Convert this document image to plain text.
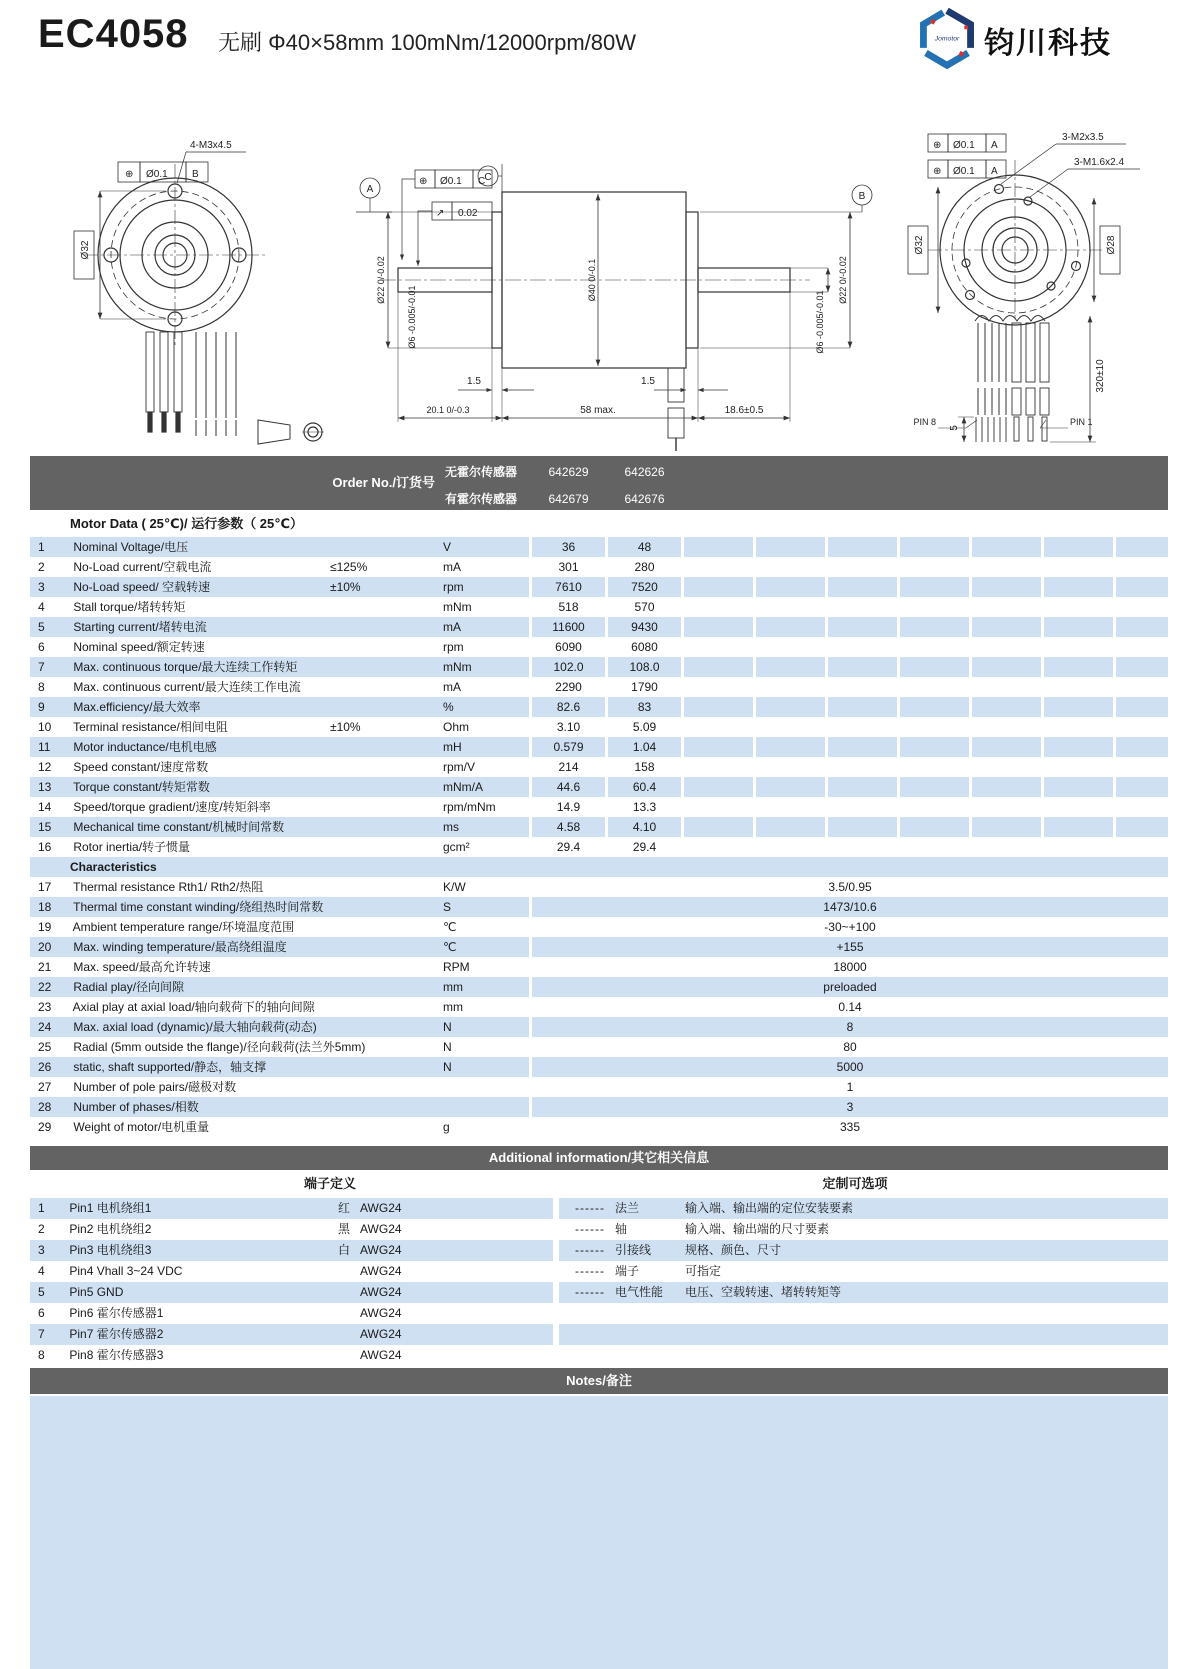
EC4058 无刷 Φ40×58mm 100mNm/12000rpm/80W	Jomotor 钧川科技
⊕ Ø0.1 B
4-M3x4.5
Ø32
A
B
C
⊕ Ø0.1 C
↗ 0.02
Ø40 0/-0.1
Ø22 0/-0.02
Ø6 -0.005/-0.01
Ø22 0/-0.02
Ø6 -0.005/-0.01
1.5	1.5
20.1 0/-0.3	58 max.	18.6±0.5
⊕ Ø0.1 A
⊕ Ø0.1 A
3-M2x3.5
3-M1.6x2.4
Ø32	Ø28
320±10
5
PIN 8	PIN 1
Order No./订货号
无霍尔传感器	642629	642626
有霍尔传感器	642679	642676
Motor Data ( 25℃)/ 运行参数（ 25℃）
1 Nominal Voltage/电压	V	36	48
2 No-Load current/空载电流	≤125%	mA	301	280
3 No-Load speed/ 空载转速	±10%	rpm	7610	7520
4 Stall torque/堵转转矩	mNm	518	570
5 Starting current/堵转电流	mA	11600	9430
6 Nominal speed/额定转速	rpm	6090	6080
7 Max. continuous torque/最大连续工作转矩	mNm	102.0	108.0
8 Max. continuous current/最大连续工作电流	mA	2290	1790
9 Max.efficiency/最大效率	%	82.6	83
10 Terminal resistance/相间电阻	±10%	Ohm	3.10	5.09
11 Motor inductance/电机电感	mH	0.579	1.04
12 Speed constant/速度常数	rpm/V	214	158
13 Torque constant/转矩常数	mNm/A	44.6	60.4
14 Speed/torque gradient/速度/转矩斜率	rpm/mNm	14.9	13.3
15 Mechanical time constant/机械时间常数	ms	4.58	4.10
16 Rotor inertia/转子惯量	gcm²	29.4	29.4
Characteristics
17 Thermal resistance Rth1/ Rth2/热阻	K/W	3.5/0.95
18 Thermal time constant winding/绕组热时间常数	S	1473/10.6
19 Ambient temperature range/环境温度范围	℃	-30~+100
20 Max. winding temperature/最高绕组温度	℃	+155
21 Max. speed/最高允许转速	RPM	18000
22 Radial play/径向间隙	mm	preloaded
23 Axial play at axial load/轴向载荷下的轴向间隙	mm	0.14
24 Max. axial load (dynamic)/最大轴向载荷(动态)	N	8
25 Radial (5mm outside the flange)/径向载荷(法兰外5mm)	N	80
26 static, shaft supported/静态，轴支撑	N	5000
27 Number of pole pairs/磁极对数	1
28 Number of phases/相数	3
29 Weight of motor/电机重量	g	335
Additional information/其它相关信息
端子定义	定制可选项
1 Pin1 电机绕组1	红 AWG24	------ 法兰	输入端、输出端的定位安装要素
2 Pin2 电机绕组2	黑 AWG24	------ 轴	输入端、输出端的尺寸要素
3 Pin3 电机绕组3	白 AWG24	------ 引接线	规格、颜色、尺寸
4 Pin4 Vhall 3~24 VDC	AWG24	------ 端子	可指定
5 Pin5 GND	AWG24	------ 电气性能 电压、空载转速、堵转转矩等
6 Pin6 霍尔传感器1	AWG24
7 Pin7 霍尔传感器2	AWG24
8 Pin8 霍尔传感器3	AWG24
Notes/备注
